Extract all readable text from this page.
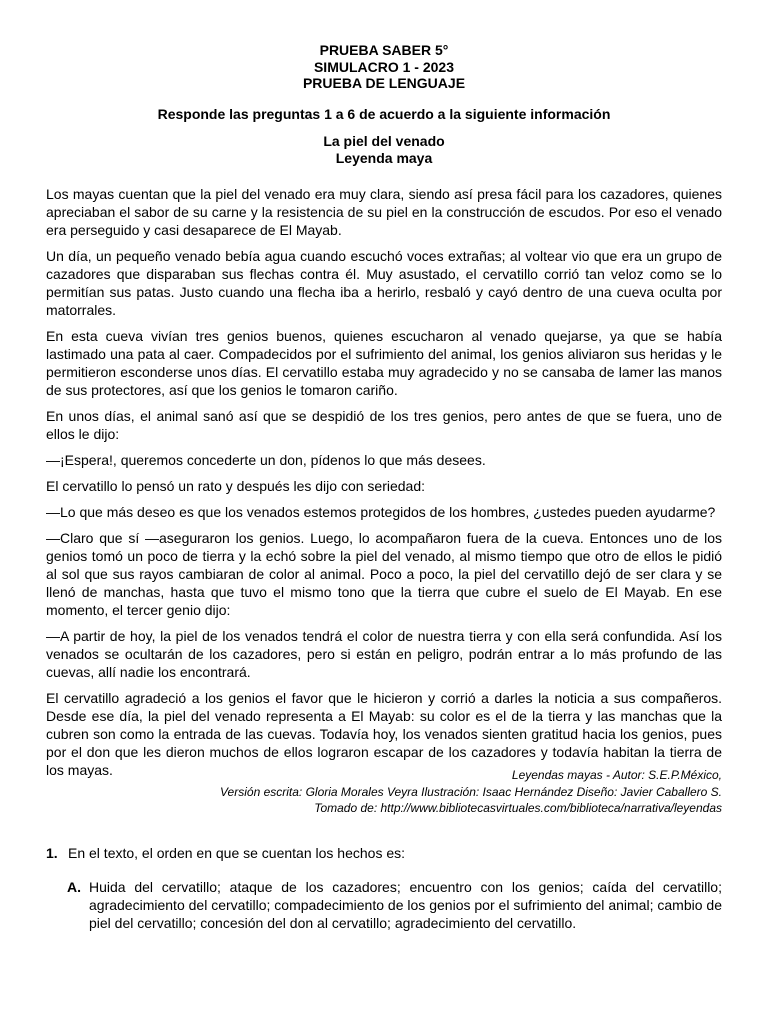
PRUEBA SABER 5°
SIMULACRO 1 - 2023
PRUEBA DE LENGUAJE
Responde las preguntas 1 a 6 de acuerdo a la siguiente información
La piel del venado
Leyenda maya

Los mayas cuentan que la piel del venado era muy clara, siendo así presa fácil para los cazadores, quienes apreciaban el sabor de su carne y la resistencia de su piel en la construcción de escudos. Por eso el venado era perseguido y casi desaparece de El Mayab.

Un día, un pequeño venado bebía agua cuando escuchó voces extrañas; al voltear vio que era un grupo de cazadores que disparaban sus flechas contra él. Muy asustado, el cervatillo corrió tan veloz como se lo permitían sus patas. Justo cuando una flecha iba a herirlo, resbaló y cayó dentro de una cueva oculta por matorrales.

En esta cueva vivían tres genios buenos, quienes escucharon al venado quejarse, ya que se había lastimado una pata al caer. Compadecidos por el sufrimiento del animal, los genios aliviaron sus heridas y le permitieron esconderse unos días. El cervatillo estaba muy agradecido y no se cansaba de lamer las manos de sus protectores, así que los genios le tomaron cariño.

En unos días, el animal sanó así que se despidió de los tres genios, pero antes de que se fuera, uno de ellos le dijo:

—¡Espera!, queremos concederte un don, pídenos lo que más desees.

El cervatillo lo pensó un rato y después les dijo con seriedad:

—Lo que más deseo es que los venados estemos protegidos de los hombres, ¿ustedes pueden ayudarme?

—Claro que sí —aseguraron los genios. Luego, lo acompañaron fuera de la cueva. Entonces uno de los genios tomó un poco de tierra y la echó sobre la piel del venado, al mismo tiempo que otro de ellos le pidió al sol que sus rayos cambiaran de color al animal. Poco a poco, la piel del cervatillo dejó de ser clara y se llenó de manchas, hasta que tuvo el mismo tono que la tierra que cubre el suelo de El Mayab. En ese momento, el tercer genio dijo:

—A partir de hoy, la piel de los venados tendrá el color de nuestra tierra y con ella será confundida. Así los venados se ocultarán de los cazadores, pero si están en peligro, podrán entrar a lo más profundo de las cuevas, allí nadie los encontrará.

El cervatillo agradeció a los genios el favor que le hicieron y corrió a darles la noticia a sus compañeros. Desde ese día, la piel del venado representa a El Mayab: su color es el de la tierra y las manchas que la cubren son como la entrada de las cuevas. Todavía hoy, los venados sienten gratitud hacia los genios, pues por el don que les dieron muchos de ellos lograron escapar de los cazadores y todavía habitan la tierra de los mayas.	Leyendas mayas - Autor: S.E.P.México,
Versión escrita: Gloria Morales Veyra Ilustración: Isaac Hernández Diseño: Javier Caballero S.
Tomado de: http://www.bibliotecasvirtuales.com/biblioteca/narrativa/leyendas
1. En el texto, el orden en que se cuentan los hechos es:
A. Huida del cervatillo; ataque de los cazadores; encuentro con los genios; caída del cervatillo; agradecimiento del cervatillo; compadecimiento de los genios por el sufrimiento del animal; cambio de piel del cervatillo; concesión del don al cervatillo; agradecimiento del cervatillo.
